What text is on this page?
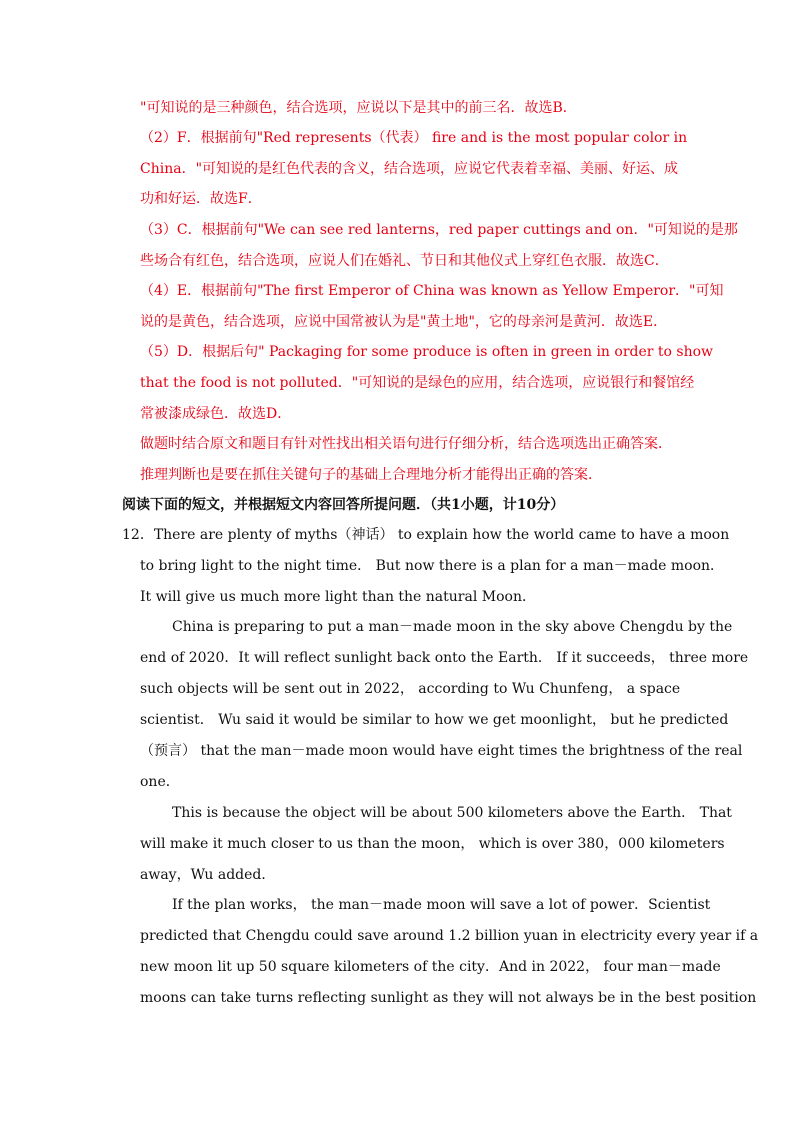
"可知说的是三种颜色，结合选项，应说以下是其中的前三名．故选B．
（2）F．根据前句"Red represents（代表） fire and is the most popular color in
China．"可知说的是红色代表的含义，结合选项，应说它代表着幸福、美丽、好运、成
功和好运．故选F．
（3）C．根据前句"We can see red lanterns，red paper cuttings and on．"可知说的是那
些场合有红色，结合选项，应说人们在婚礼、节日和其他仪式上穿红色衣服．故选C．
（4）E．根据前句"The first Emperor of China was known as Yellow Emperor．"可知
说的是黄色，结合选项，应说中国常被认为是"黄土地"，它的母亲河是黄河．故选E．
（5）D．根据后句" Packaging for some produce is often in green in order to show
that the food is not polluted．"可知说的是绿色的应用，结合选项，应说银行和餐馆经
常被漆成绿色．故选D．
做题时结合原文和题目有针对性找出相关语句进行仔细分析，结合选项选出正确答案．
推理判断也是要在抓住关键句子的基础上合理地分析才能得出正确的答案．
阅读下面的短文，并根据短文内容回答所提问题．（共1小题，计10分）
12．There are plenty of myths（神话） to explain how the world came to have a moon
to bring light to the night time． But now there is a plan for a man－made moon．
It will give us much more light than the natural Moon．
China is preparing to put a man－made moon in the sky above Chengdu by the
end of 2020．It will reflect sunlight back onto the Earth． If it succeeds， three more
such objects will be sent out in 2022， according to Wu Chunfeng， a space
scientist． Wu said it would be similar to how we get moonlight， but he predicted
（预言） that the man－made moon would have eight times the brightness of the real
one．
This is because the object will be about 500 kilometers above the Earth． That
will make it much closer to us than the moon， which is over 380，000 kilometers
away，Wu added．
If the plan works， the man－made moon will save a lot of power．Scientist
predicted that Chengdu could save around 1.2 billion yuan in electricity every year if a
new moon lit up 50 square kilometers of the city．And in 2022， four man－made
moons can take turns reflecting sunlight as they will not always be in the best position
